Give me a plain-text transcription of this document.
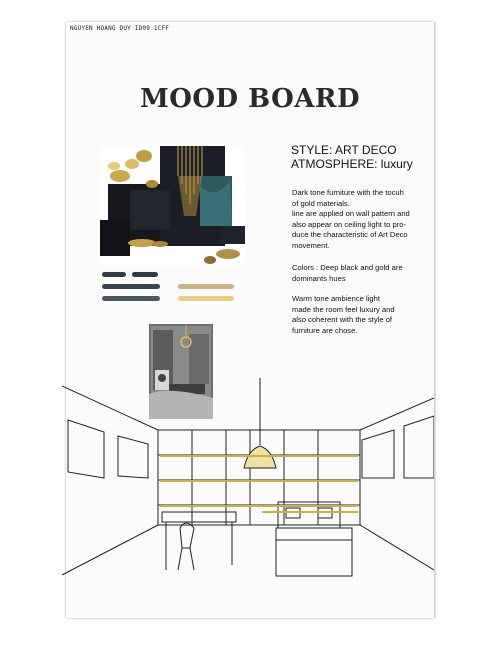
NGUYEN HOANG DUY ID09 1CFF
MOOD BOARD
STYLE: ART DECO
ATMOSPHERE: luxury
Dark tone furniture with the tocuh
of gold materials.
line are applied on wall pattern and
also appear on ceiling light to pro-
duce the characteristic of Art Deco
movement.
Colors : Deep black and gold are
dominants hues
Warm tone ambience light
made the room feel luxury and
also coherent with the style of
furniture are chose.
